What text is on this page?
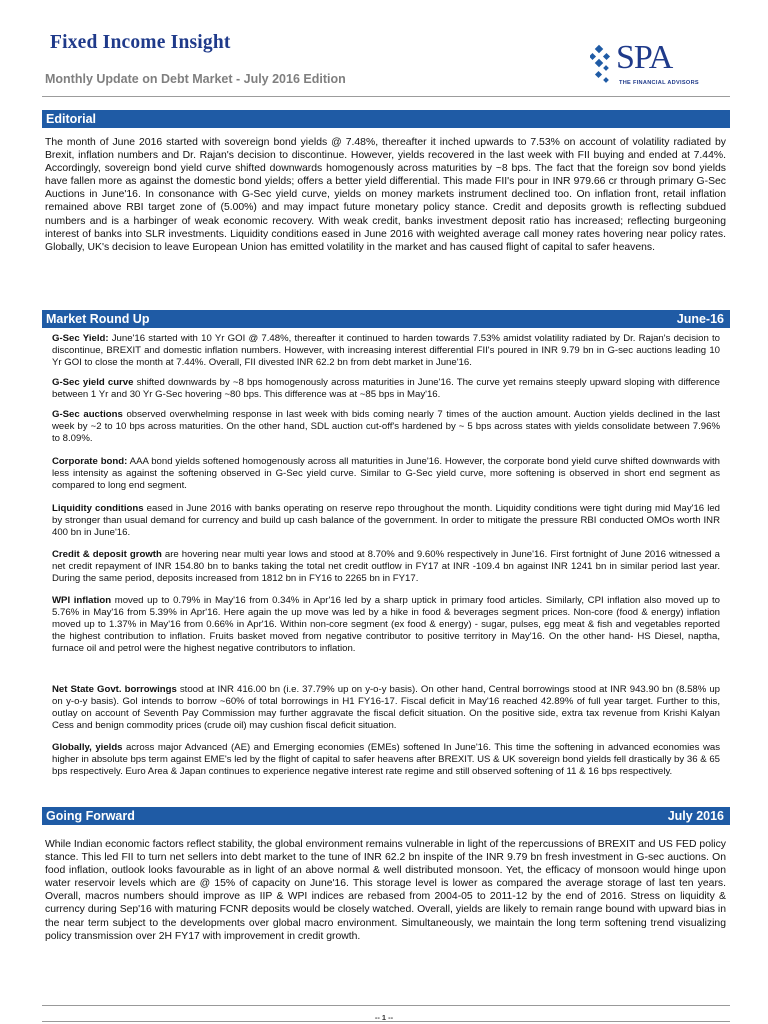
Fixed Income Insight
Monthly Update on Debt Market - July 2016 Edition
SPA
THE FINANCIAL ADVISORS
Editorial
The month of June 2016 started with sovereign bond yields @ 7.48%, thereafter it inched upwards to 7.53% on account of volatility radiated by Brexit, inflation numbers and Dr. Rajan's decision to discontinue. However, yields recovered in the last week with FII buying and ended at 7.44%. Accordingly, sovereign bond yield curve shifted downwards homogenously across maturities by ~8 bps. The fact that the foreign sov bond yields have fallen more as against the domestic bond yields; offers a better yield differential. This made FII's pour in INR 979.66 cr through primary G-Sec Auctions in June'16. In consonance with G-Sec yield curve, yields on money markets instrument declined too. On inflation front, retail inflation remained above RBI target zone of (5.00%) and may impact future monetary policy stance. Credit and deposits growth is reflecting subdued numbers and is a harbinger of weak economic recovery. With weak credit, banks investment deposit ratio has increased; reflecting burgeoning interest of banks into SLR investments. Liquidity conditions eased in June 2016 with weighted average call money rates hovering near policy rates. Globally, UK's decision to leave European Union has emitted volatility in the market and has caused flight of capital to safer heavens.
Market Round Up	June-16
G-Sec Yield: June'16 started with 10 Yr GOI @ 7.48%, thereafter it continued to harden towards 7.53% amidst volatility radiated by Dr. Rajan's decision to discontinue, BREXIT and domestic inflation numbers. However, with increasing interest differential FII's poured in INR 9.79 bn in G-sec auctions leading 10 Yr GOI to close the month at 7.44%. Overall, FII divested INR 62.2 bn from debt market in June'16.
G-Sec yield curve shifted downwards by ~8 bps homogenously across maturities in June'16. The curve yet remains steeply upward sloping with difference between 1 Yr and 30 Yr G-Sec hovering ~80 bps. This difference was at ~85 bps in May'16.
G-Sec auctions observed overwhelming response in last week with bids coming nearly 7 times of the auction amount. Auction yields declined in the last week by ~2 to 10 bps across maturities. On the other hand, SDL auction cut-off's hardened by ~ 5 bps across states with yields consolidate between 7.96% to 8.09%.
Corporate bond: AAA bond yields softened homogenously across all maturities in June'16. However, the corporate bond yield curve shifted downwards with less intensity as against the softening observed in G-Sec yield curve. Similar to G-Sec yield curve, more softening is observed in short end segment as compared to long end segment.
Liquidity conditions eased in June 2016 with banks operating on reserve repo throughout the month. Liquidity conditions were tight during mid May'16 led by stronger than usual demand for currency and build up cash balance of the government. In order to mitigate the pressure RBI conducted OMOs worth INR 400 bn in June'16.
Credit & deposit growth are hovering near multi year lows and stood at 8.70% and 9.60% respectively in June'16. First fortnight of June 2016 witnessed a net credit repayment of INR 154.80 bn to banks taking the total net credit outflow in FY17 at INR -109.4 bn against INR 1241 bn in similar period last year. During the same period, deposits increased from 1812 bn in FY16 to 2265 bn in FY17.
WPI inflation moved up to 0.79% in May'16 from 0.34% in Apr'16 led by a sharp uptick in primary food articles. Similarly, CPI inflation also moved up to 5.76% in May'16 from 5.39% in Apr'16. Here again the up move was led by a hike in food & beverages segment prices. Non-core (food & energy) inflation moved up to 1.37% in May'16 from 0.66% in Apr'16. Within non-core segment (ex food & energy) - sugar, pulses, egg meat & fish and vegetables reported the highest contribution to inflation. Fruits basket moved from negative contributor to positive territory in May'16. On the other hand- HS Diesel, naptha, furnace oil and petrol were the highest negative contributors to inflation.
Net State Govt. borrowings stood at INR 416.00 bn (i.e. 37.79% up on y-o-y basis). On other hand, Central borrowings stood at INR 943.90 bn (8.58% up on y-o-y basis). GoI intends to borrow ~60% of total borrowings in H1 FY16-17. Fiscal deficit in May'16 reached 42.89% of full year target. Further to this, outlay on account of Seventh Pay Commission may further aggravate the fiscal deficit situation. On the positive side, extra tax revenue from Krishi Kalyan Cess and benign commodity prices (crude oil) may cushion fiscal deficit situation.
Globally, yields across major Advanced (AE) and Emerging economies (EMEs) softened In June'16. This time the softening in advanced economies was higher in absolute bps term against EME's led by the flight of capital to safer heavens after BREXIT. US & UK sovereign bond yields fell drastically by 36 & 65 bps respectively. Euro Area & Japan continues to experience negative interest rate regime and still observed softening of 11 & 16 bps respectively.
Going Forward	July 2016
While Indian economic factors reflect stability, the global environment remains vulnerable in light of the repercussions of BREXIT and US FED policy stance. This led FII to turn net sellers into debt market to the tune of INR 62.2 bn inspite of the INR 9.79 bn fresh investment in G-sec auctions. On food inflation, outlook looks favourable as in light of an above normal & well distributed monsoon. Yet, the efficacy of monsoon would hinge upon water reservoir levels which are @ 15% of capacity on June'16. This storage level is lower as compared the average storage of last ten years. Overall, macros numbers should improve as IIP & WPI indices are rebased from 2004-05 to 2011-12 by the end of 2016. Stress on liquidity & currency during Sep'16 with maturing FCNR deposits would be closely watched. Overall, yields are likely to remain range bound with upward bias in the near term subject to the developments over global macro environment. Simultaneously, we maintain the long term softening trend visualizing policy transmission over 2H FY17 with improvement in credit growth.
-- 1 --
